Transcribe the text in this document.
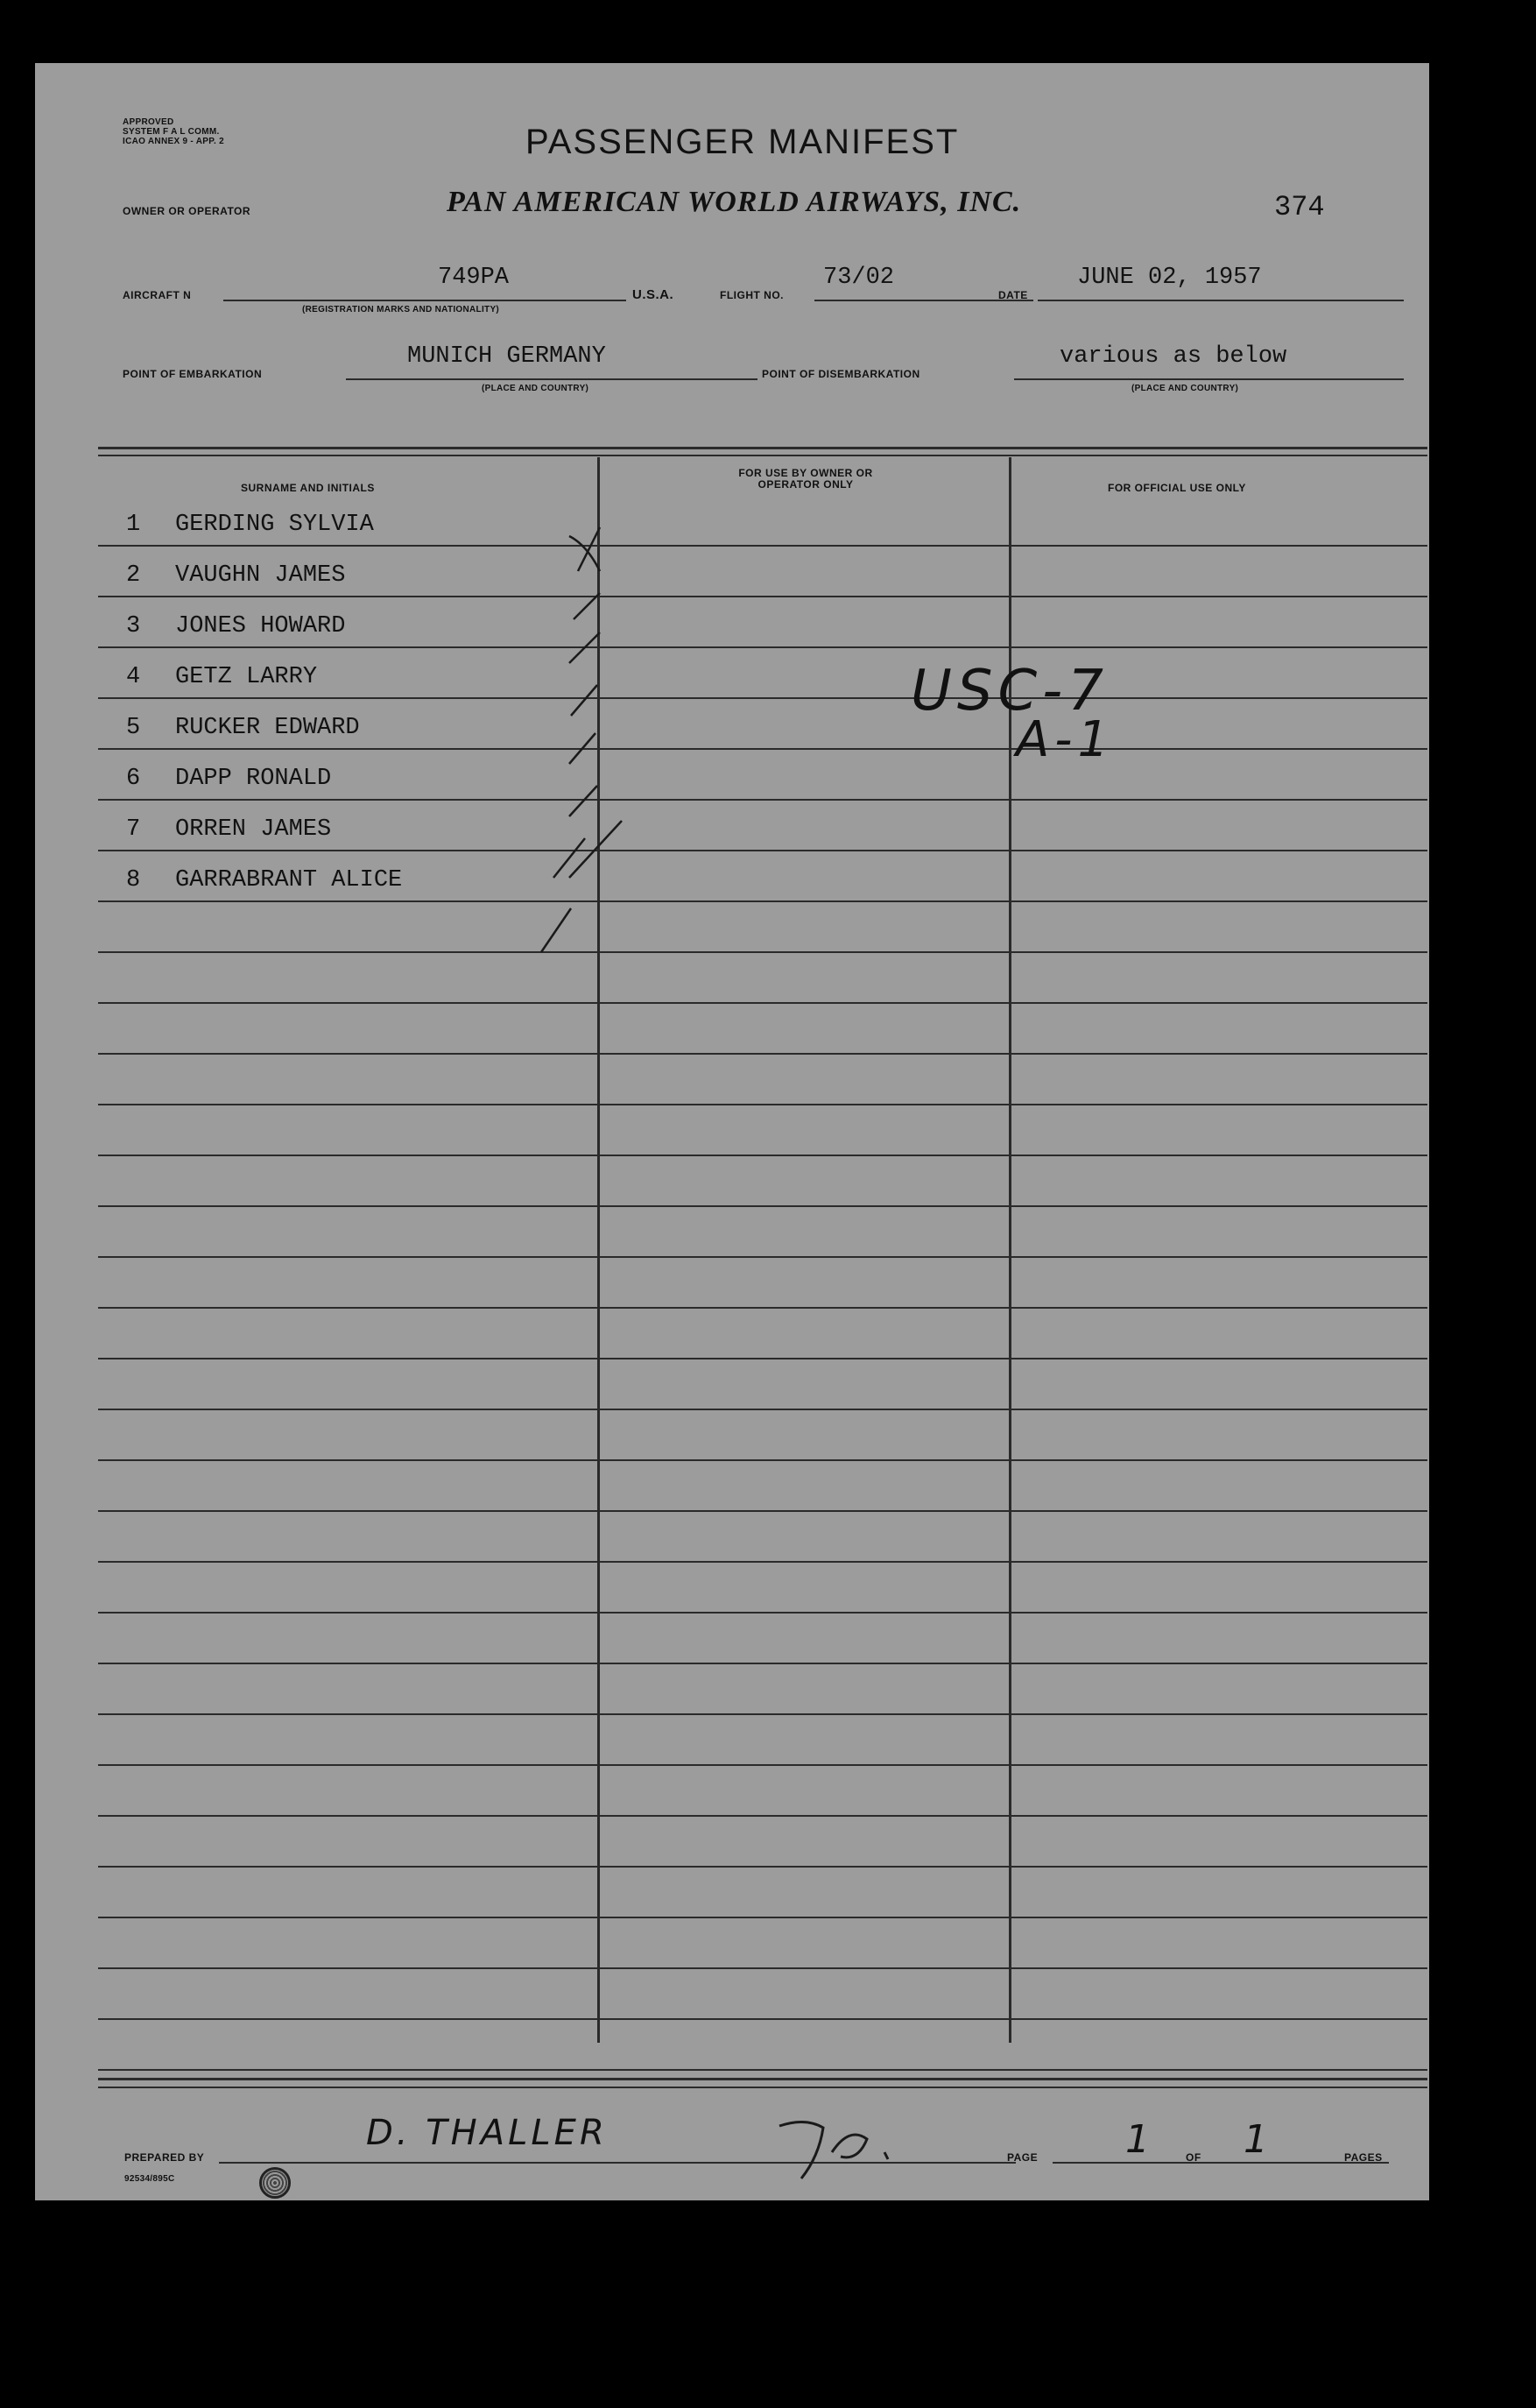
APPROVED
SYSTEM F A L COMM.
ICAO ANNEX 9 - APP. 2	PASSENGER MANIFEST
374
OWNER OR OPERATOR	PAN AMERICAN WORLD AIRWAYS, INC.
AIRCRAFT N
749PA
(REGISTRATION MARKS AND NATIONALITY)
U.S.A.	FLIGHT NO.
73/02
DATE
JUNE 02, 1957
POINT OF EMBARKATION
MUNICH GERMANY
(PLACE AND COUNTRY)
POINT OF DISEMBARKATION
various as below
(PLACE AND COUNTRY)
SURNAME AND INITIALS
FOR USE BY OWNER OR OPERATOR ONLY	FOR OFFICIAL USE ONLY
1 GERDING SYLVIA
2 VAUGHN JAMES
3 JONES HOWARD
4 GETZ LARRY
5 RUCKER EDWARD
6 DAPP RONALD
7 ORREN JAMES
8 GARRABRANT ALICE
USC-7
A-1
PREPARED BY
D. THALLER
92534/895C
PAGE 1	OF 1	PAGES
